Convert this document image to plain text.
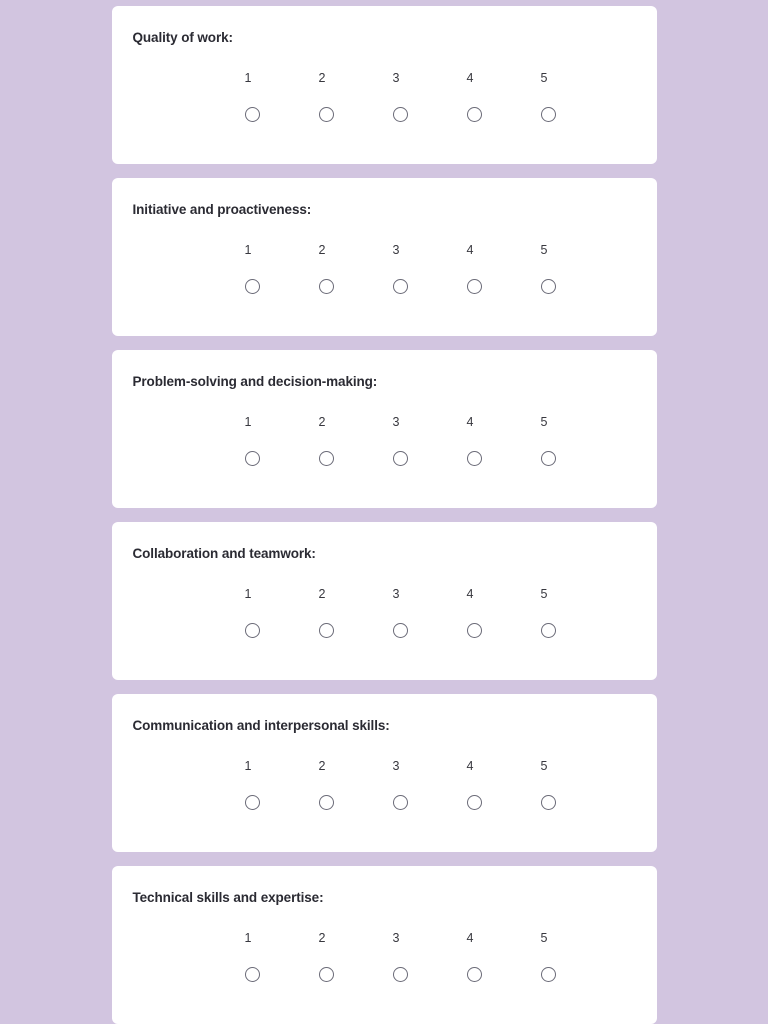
Quality of work:
1	2	3	4	5
Initiative and proactiveness:
1	2	3	4	5
Problem-solving and decision-making:
1	2	3	4	5
Collaboration and teamwork:
1	2	3	4	5
Communication and interpersonal skills:
1	2	3	4	5
Technical skills and expertise:
1	2	3	4	5
